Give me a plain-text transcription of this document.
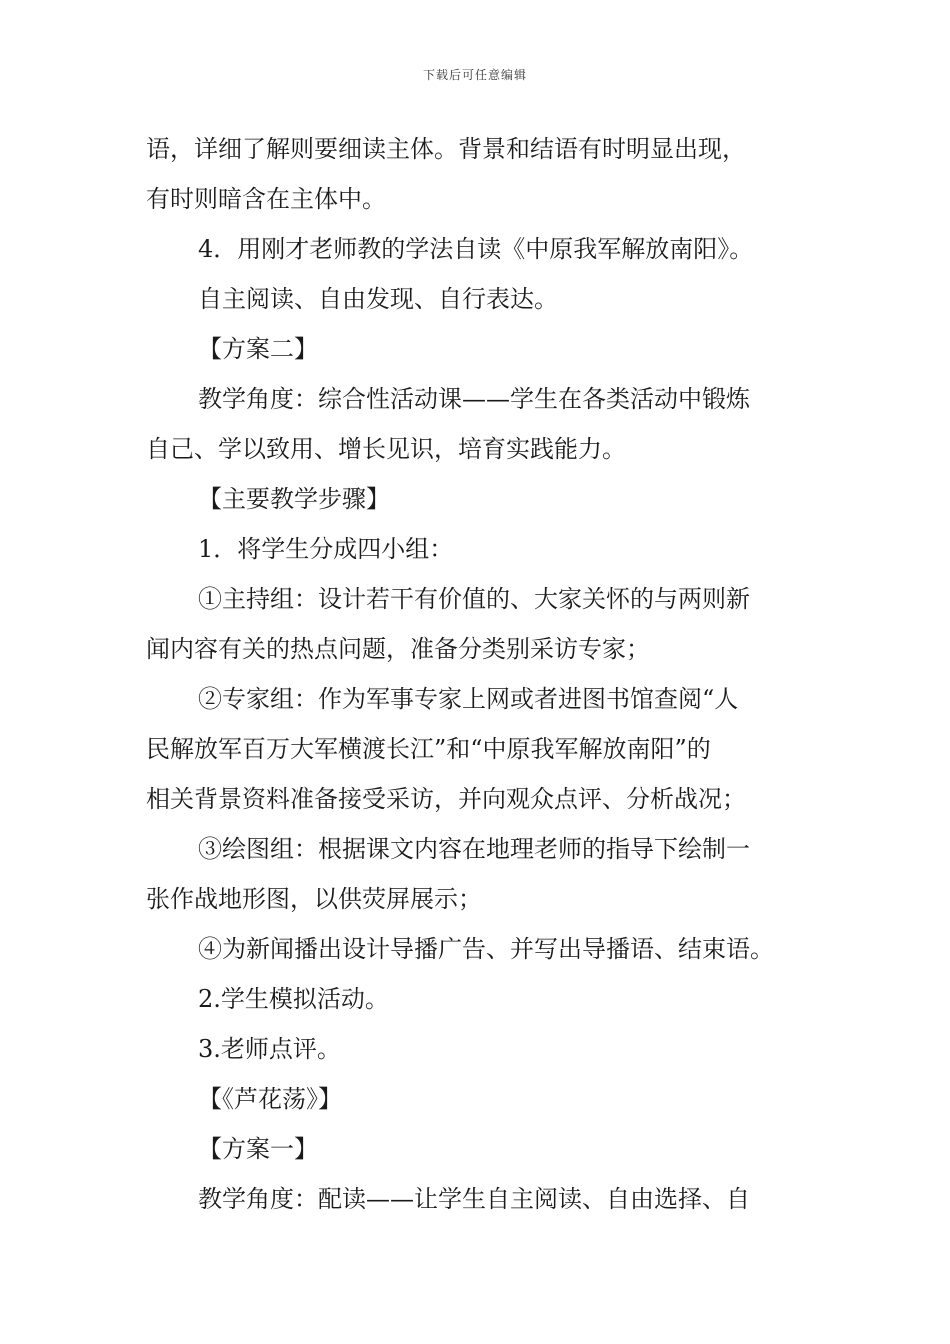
下载后可任意编辑
语，详细了解则要细读主体。背景和结语有时明显出现，
有时则暗含在主体中。
4．用刚才老师教的学法自读《中原我军解放南阳》。
自主阅读、自由发现、自行表达。
【方案二】
教学角度：综合性活动课——学生在各类活动中锻炼
自己、学以致用、增长见识，培育实践能力。
【主要教学步骤】
1．将学生分成四小组：
①主持组：设计若干有价值的、大家关怀的与两则新
闻内容有关的热点问题，准备分类别采访专家；
②专家组：作为军事专家上网或者进图书馆查阅“人
民解放军百万大军横渡长江”和“中原我军解放南阳”的
相关背景资料准备接受采访，并向观众点评、分析战况；
③绘图组：根据课文内容在地理老师的指导下绘制一
张作战地形图，以供荧屏展示；
④为新闻播出设计导播广告、并写出导播语、结束语。
2.学生模拟活动。
3.老师点评。
【《芦花荡》】
【方案一】
教学角度：配读——让学生自主阅读、自由选择、自
